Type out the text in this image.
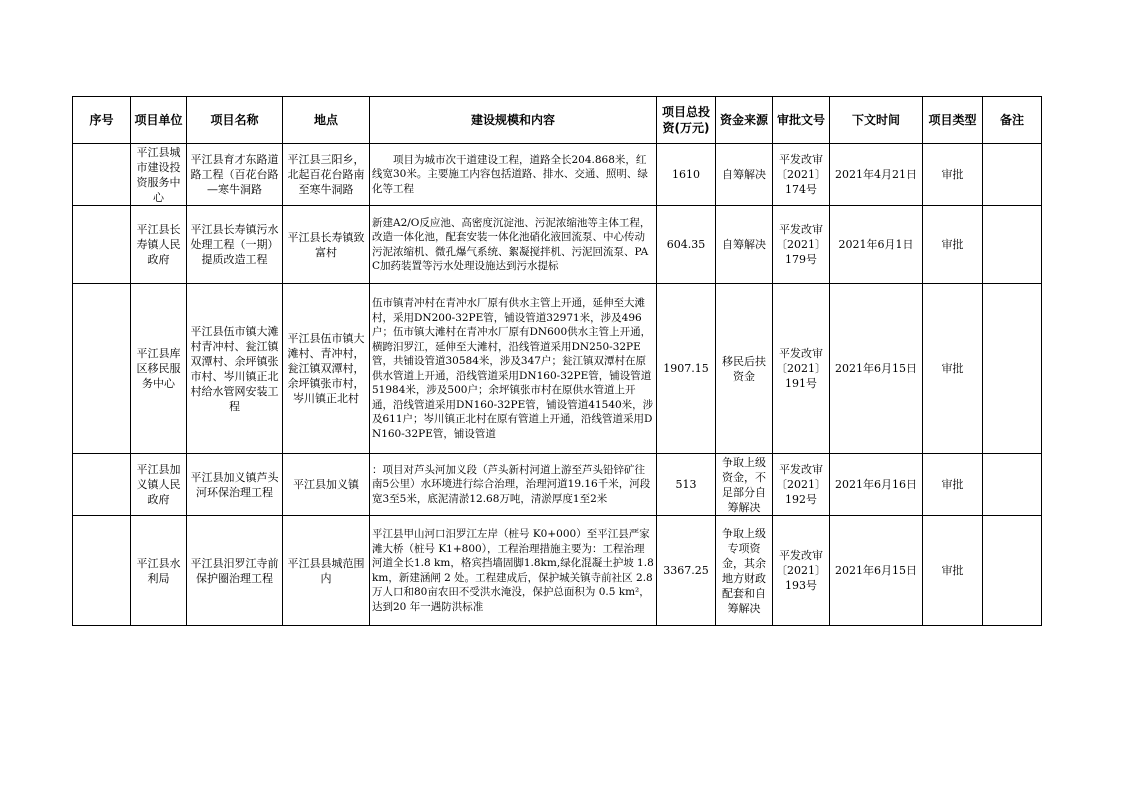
序号	项目单位	项目名称	地点	建设规模和内容	项目总投资(万元)	资金来源	审批文号	下文时间	项目类型	备注
	平江县城市建设投资服务中心	平江县育才东路道路工程（百花台路—寒牛洞路	平江县三阳乡，北起百花台路南至寒牛洞路	项目为城市次干道建设工程，道路全长204.868米，红线宽30米。主要施工内容包括道路、排水、交通、照明、绿化等工程	1610	自筹解决	平发改审〔2021〕174号	2021年4月21日	审批	
	平江县长寿镇人民政府	平江县长寿镇污水处理工程（一期）提质改造工程	平江县长寿镇致富村	新建A2/O反应池、高密度沉淀池、污泥浓缩池等主体工程，改造一体化池，配套安装一体化池硝化液回流泵、中心传动污泥浓缩机、微孔爆气系统、絮凝搅拌机、污泥回流泵、PAC加药装置等污水处理设施达到污水提标	604.35	自筹解决	平发改审〔2021〕179号	2021年6月1日	审批	
	平江县库区移民服务中心	平江县伍市镇大滩村青冲村、瓮江镇双潭村、余坪镇张市村、岑川镇正北村给水管网安装工程	平江县伍市镇大滩村、青冲村，瓮江镇双潭村，余坪镇张市村，岑川镇正北村	伍市镇青冲村在青冲水厂原有供水主管上开通，延伸至大滩村，采用DN200-32PE管，铺设管道32971米，涉及496户；伍市镇大滩村在青冲水厂原有DN600供水主管上开通，横跨汨罗江，延伸至大滩村，沿线管道采用DN250-32PE管，共铺设管道30584米，涉及347户；瓮江镇双潭村在原供水管道上开通，沿线管道采用DN160-32PE管，铺设管道51984米，涉及500户；余坪镇张市村在原供水管道上开通，沿线管道采用DN160-32PE管，铺设管道41540米，涉及611户；岑川镇正北村在原有管道上开通，沿线管道采用DN160-32PE管，铺设管道	1907.15	移民后扶资金	平发改审〔2021〕191号	2021年6月15日	审批	
	平江县加义镇人民政府	平江县加义镇芦头河环保治理工程	平江县加义镇	：项目对芦头河加义段（芦头新村河道上游至芦头铅锌矿往南5公里）水环境进行综合治理，治理河道19.16千米，河段宽3至5米，底泥清淤12.68万吨，清淤厚度1至2米	513	争取上级资金，不足部分自筹解决	平发改审〔2021〕192号	2021年6月16日	审批	
	平江县水利局	平江县汨罗江寺前保护圈治理工程	平江县县城范围内	平江县甲山河口汨罗江左岸（桩号 K0+000）至平江县严家滩大桥（桩号 K1+800），工程治理措施主要为：工程治理河道全长1.8 km，格宾挡墙固脚1.8km,绿化混凝土护坡 1.8km，新建涵闸 2 处。工程建成后，保护城关镇寺前社区 2.8万人口和80亩农田不受洪水淹没，保护总面积为 0.5 km²，达到20 年一遇防洪标准	3367.25	争取上级专项资金，其余地方财政配套和自筹解决	平发改审〔2021〕193号	2021年6月15日	审批	
